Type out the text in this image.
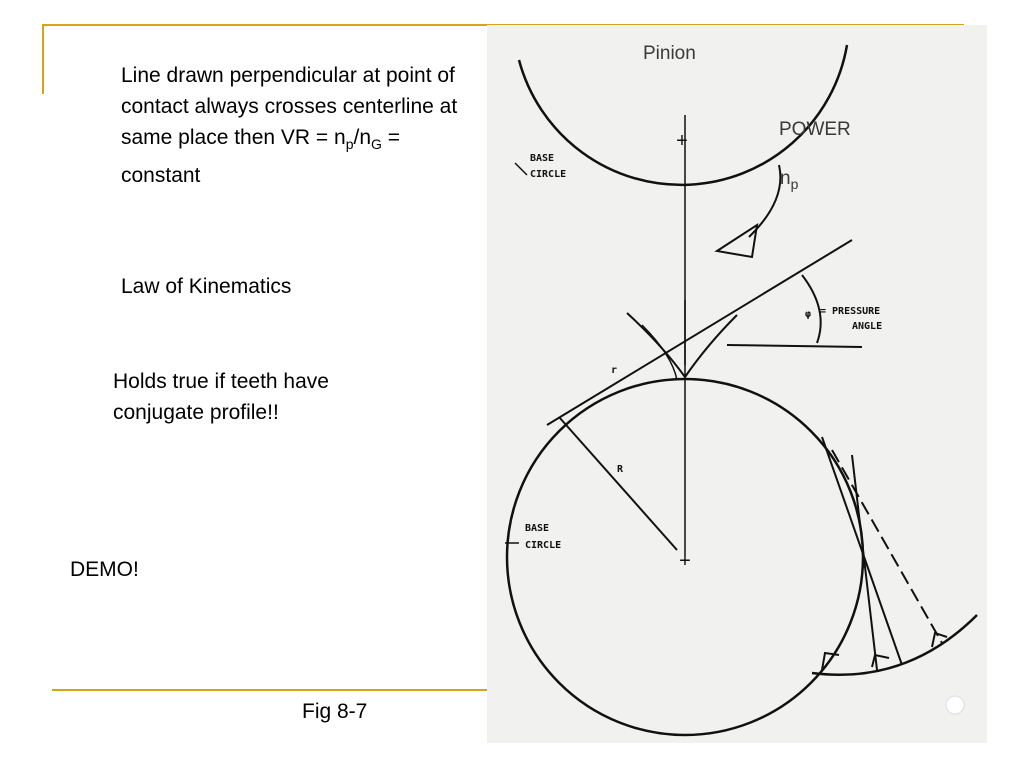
Line drawn perpendicular at point of contact always crosses centerline at same place then VR = $n_p/n_G$ = constant
Law of Kinematics
Holds true if teeth have conjugate profile!!
DEMO!
Fig 8-7
+
+
BASE
CIRCLE
φ = PRESSURE
ANGLE
r
R
BASE
CIRCLE
Pinion
POWER
$n_p$
